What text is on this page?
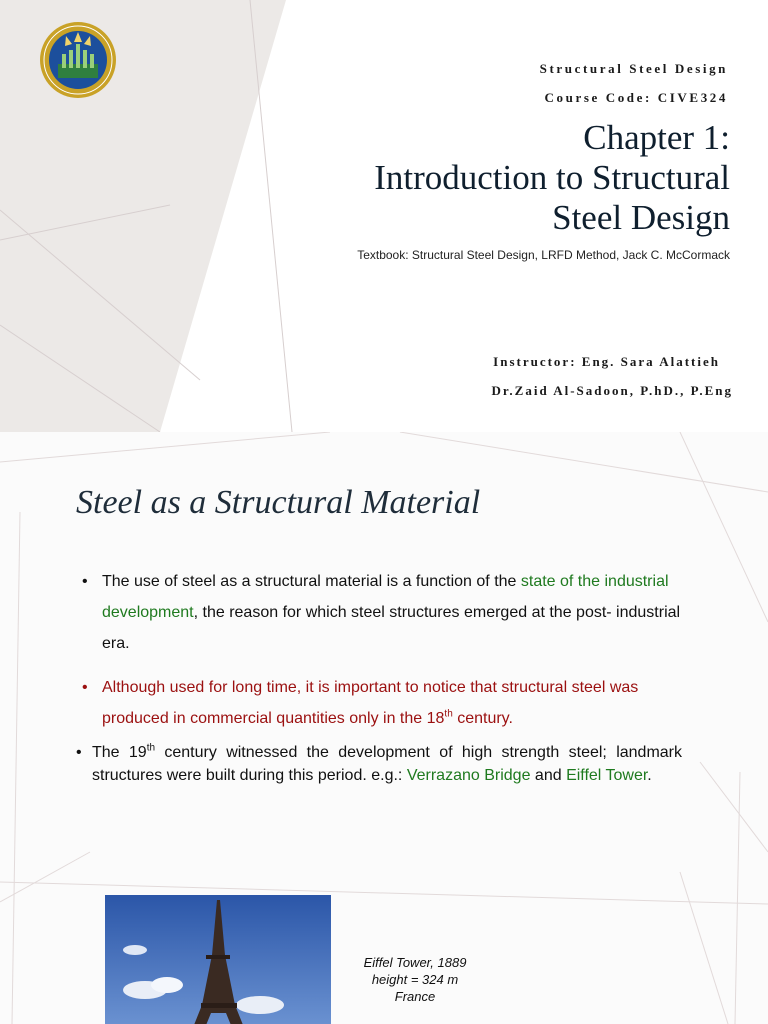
Structural Steel Design
Course Code: CIVE324
Chapter 1:
Introduction to Structural
Steel Design
Textbook: Structural Steel Design, LRFD Method, Jack C. McCormack
Instructor: Eng. Sara Alattieh
Dr.Zaid Al-Sadoon, P.hD., P.Eng
Steel as a Structural Material
• The use of steel as a structural material is a function of the state of the industrial development, the reason for which steel structures emerged at the post- industrial era.
• Although used for long time, it is important to notice that structural steel was produced in commercial quantities only in the 18th century.
• The 19th century witnessed the development of high strength steel; landmark structures were built during this period. e.g.: Verrazano Bridge and Eiffel Tower.
Eiffel Tower, 1889
height = 324 m
France
